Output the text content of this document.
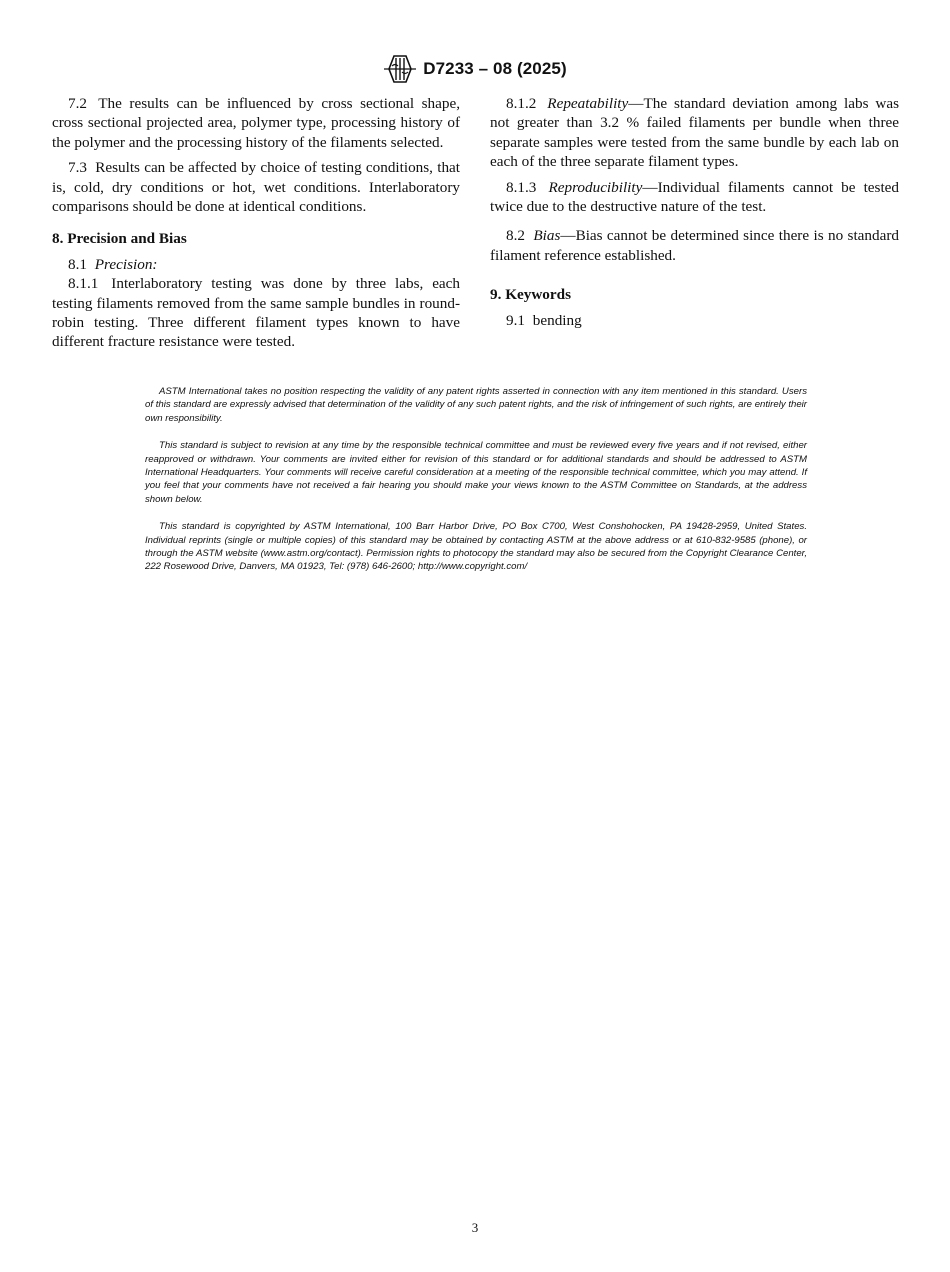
D7233 – 08 (2025)

7.2 The results can be influenced by cross sectional shape, cross sectional projected area, polymer type, processing history of the polymer and the processing history of the filaments selected.

7.3 Results can be affected by choice of testing conditions, that is, cold, dry conditions or hot, wet conditions. Interlaboratory comparisons should be done at identical conditions.

8. Precision and Bias

8.1 Precision:

8.1.1 Interlaboratory testing was done by three labs, each testing filaments removed from the same sample bundles in round-robin testing. Three different filament types known to have different fracture resistance were tested.

8.1.2 Repeatability—The standard deviation among labs was not greater than 3.2 % failed filaments per bundle when three separate samples were tested from the same bundle by each lab on each of the three separate filament types.

8.1.3 Reproducibility—Individual filaments cannot be tested twice due to the destructive nature of the test.

8.2 Bias—Bias cannot be determined since there is no standard filament reference established.

9. Keywords

9.1 bending

ASTM International takes no position respecting the validity of any patent rights asserted in connection with any item mentioned in this standard. Users of this standard are expressly advised that determination of the validity of any such patent rights, and the risk of infringement of such rights, are entirely their own responsibility.

This standard is subject to revision at any time by the responsible technical committee and must be reviewed every five years and if not revised, either reapproved or withdrawn. Your comments are invited either for revision of this standard or for additional standards and should be addressed to ASTM International Headquarters. Your comments will receive careful consideration at a meeting of the responsible technical committee, which you may attend. If you feel that your comments have not received a fair hearing you should make your views known to the ASTM Committee on Standards, at the address shown below.

This standard is copyrighted by ASTM International, 100 Barr Harbor Drive, PO Box C700, West Conshohocken, PA 19428-2959, United States. Individual reprints (single or multiple copies) of this standard may be obtained by contacting ASTM at the above address or at 610-832-9585 (phone), or through the ASTM website (www.astm.org/contact). Permission rights to photocopy the standard may also be secured from the Copyright Clearance Center, 222 Rosewood Drive, Danvers, MA 01923, Tel: (978) 646-2600; http://www.copyright.com/

3
